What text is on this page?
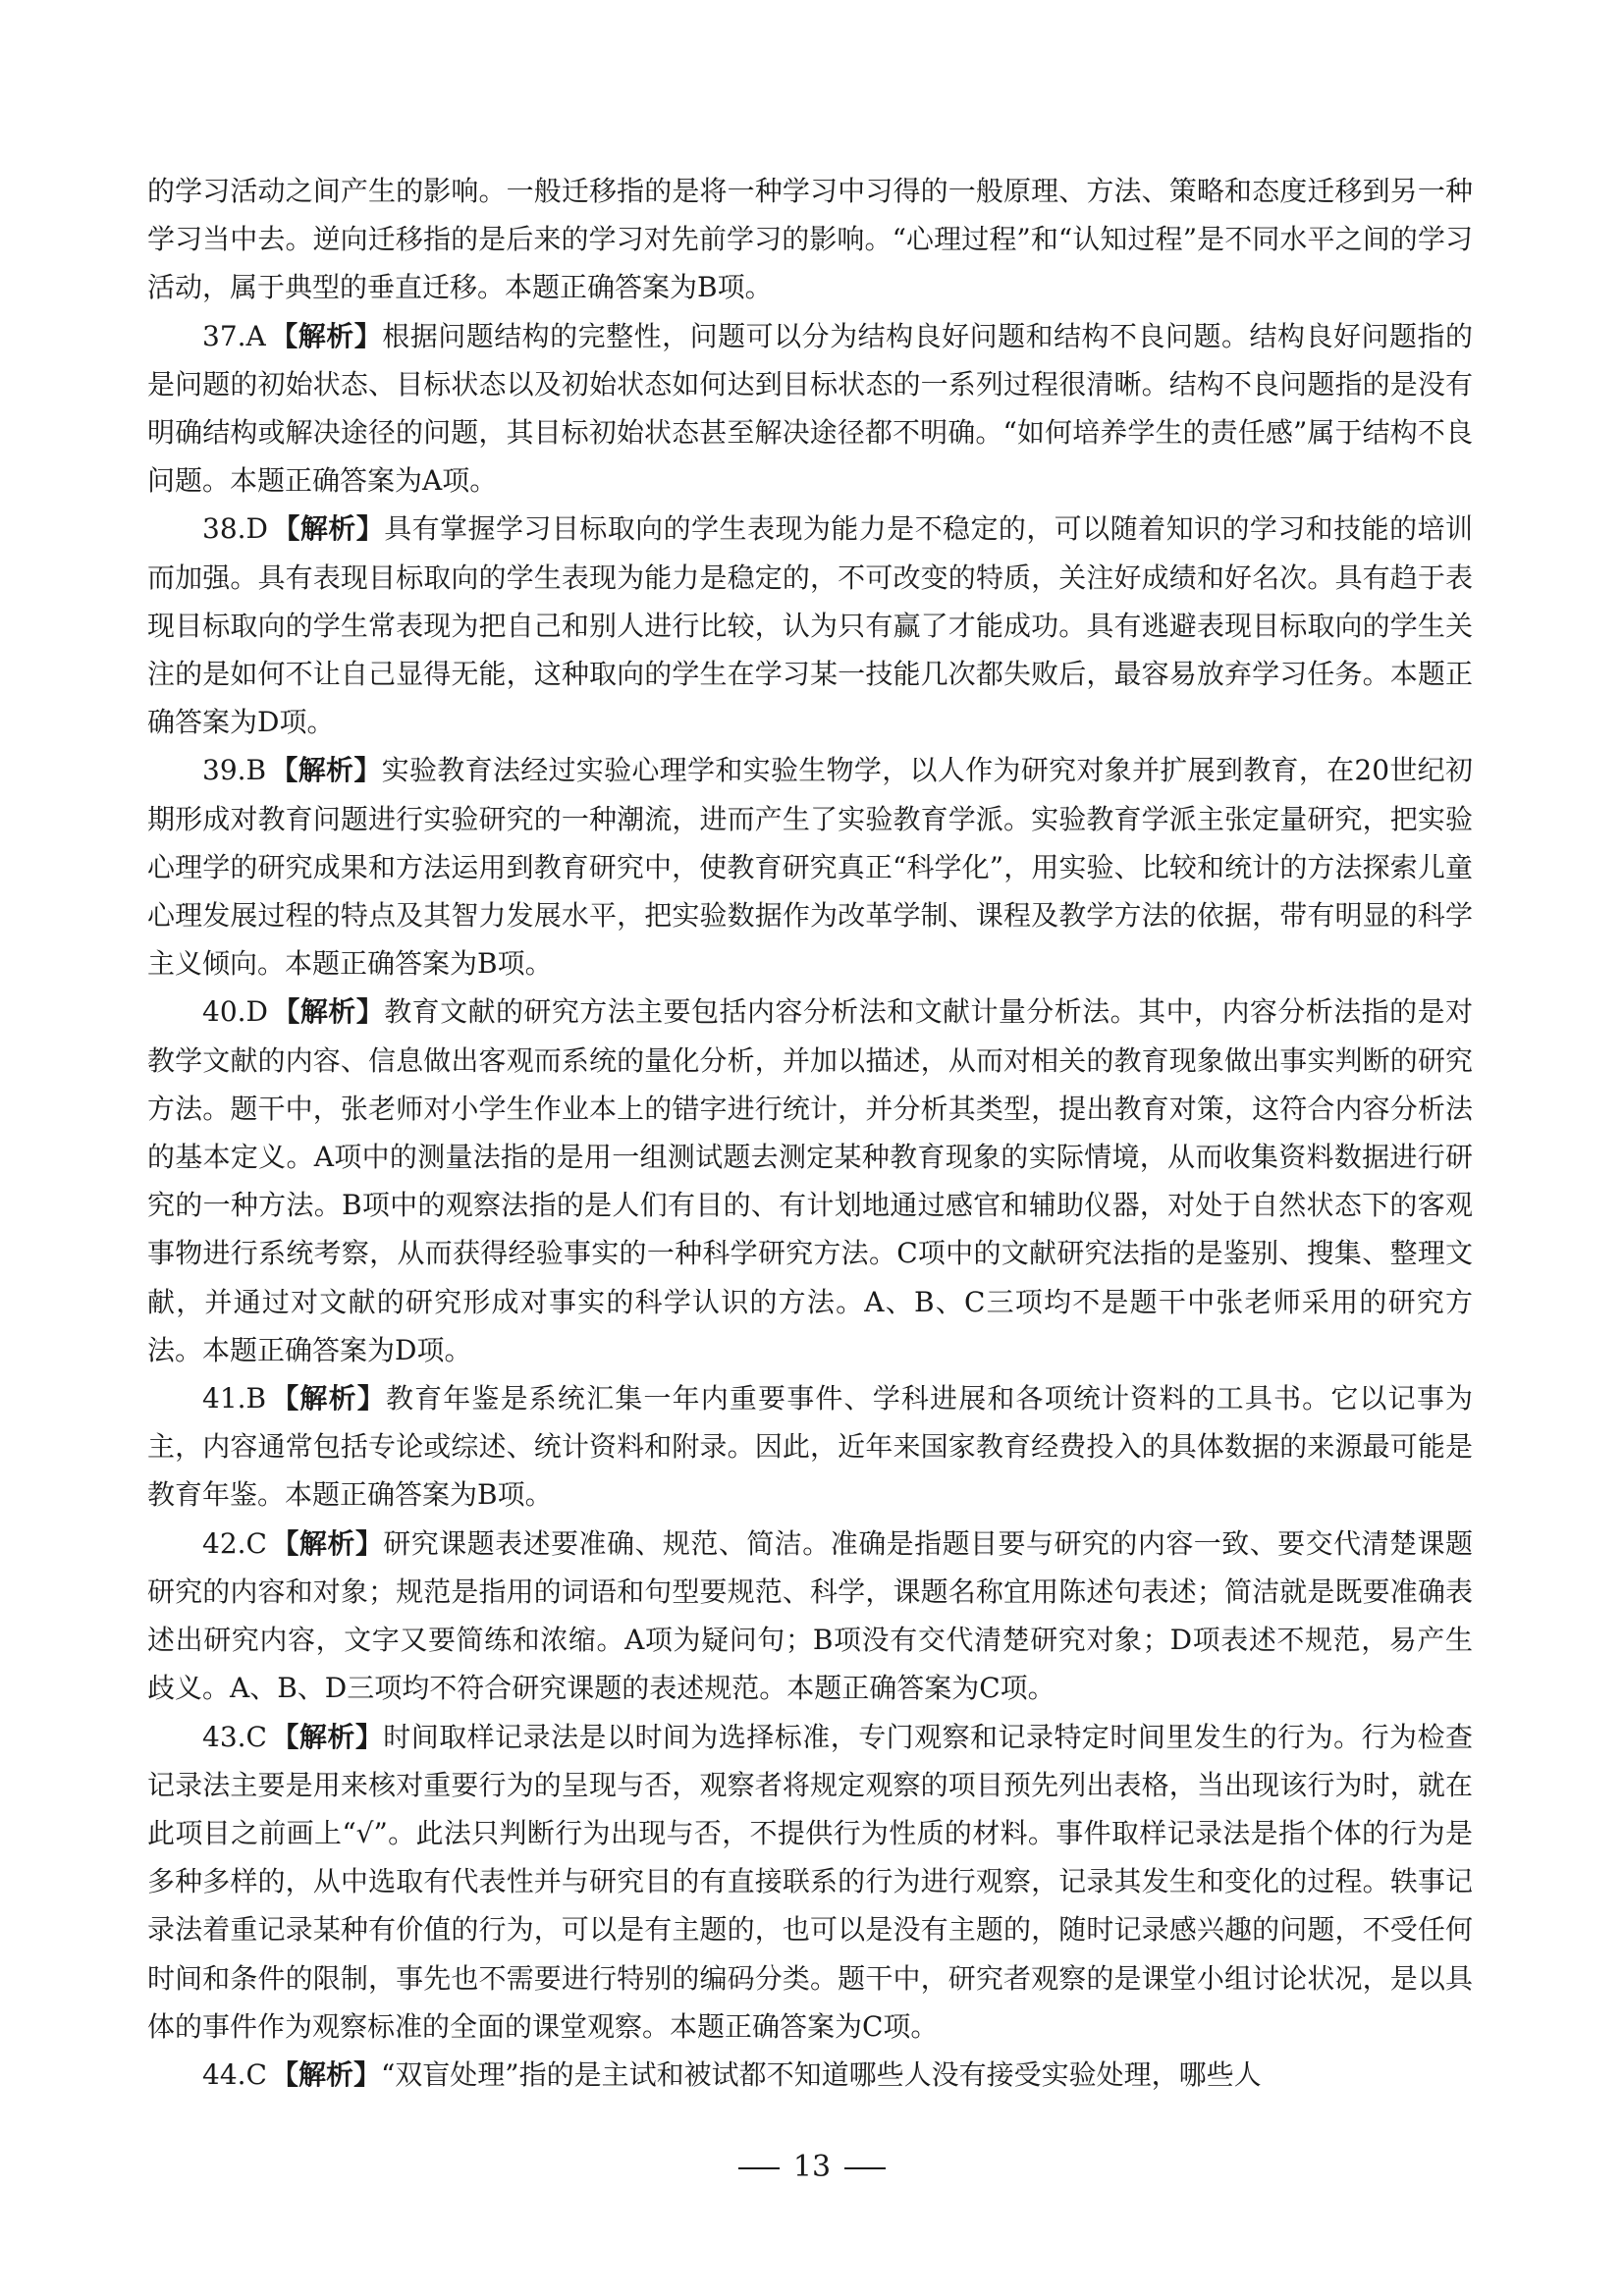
的学习活动之间产生的影响。一般迁移指的是将一种学习中习得的一般原理、方法、策略和态度迁移到另一种学习当中去。逆向迁移指的是后来的学习对先前学习的影响。“心理过程”和“认知过程”是不同水平之间的学习活动，属于典型的垂直迁移。本题正确答案为B项。

37.A 【解析】根据问题结构的完整性，问题可以分为结构良好问题和结构不良问题。结构良好问题指的是问题的初始状态、目标状态以及初始状态如何达到目标状态的一系列过程很清晰。结构不良问题指的是没有明确结构或解决途径的问题，其目标初始状态甚至解决途径都不明确。“如何培养学生的责任感”属于结构不良问题。本题正确答案为A项。

38.D 【解析】具有掌握学习目标取向的学生表现为能力是不稳定的，可以随着知识的学习和技能的培训而加强。具有表现目标取向的学生表现为能力是稳定的，不可改变的特质，关注好成绩和好名次。具有趋于表现目标取向的学生常表现为把自己和别人进行比较，认为只有赢了才能成功。具有逃避表现目标取向的学生关注的是如何不让自己显得无能，这种取向的学生在学习某一技能几次都失败后，最容易放弃学习任务。本题正确答案为D项。

39.B 【解析】实验教育法经过实验心理学和实验生物学，以人作为研究对象并扩展到教育，在20世纪初期形成对教育问题进行实验研究的一种潮流，进而产生了实验教育学派。实验教育学派主张定量研究，把实验心理学的研究成果和方法运用到教育研究中，使教育研究真正“科学化”，用实验、比较和统计的方法探索儿童心理发展过程的特点及其智力发展水平，把实验数据作为改革学制、课程及教学方法的依据，带有明显的科学主义倾向。本题正确答案为B项。

40.D 【解析】教育文献的研究方法主要包括内容分析法和文献计量分析法。其中，内容分析法指的是对教学文献的内容、信息做出客观而系统的量化分析，并加以描述，从而对相关的教育现象做出事实判断的研究方法。题干中，张老师对小学生作业本上的错字进行统计，并分析其类型，提出教育对策，这符合内容分析法的基本定义。A项中的测量法指的是用一组测试题去测定某种教育现象的实际情境，从而收集资料数据进行研究的一种方法。B项中的观察法指的是人们有目的、有计划地通过感官和辅助仪器，对处于自然状态下的客观事物进行系统考察，从而获得经验事实的一种科学研究方法。C项中的文献研究法指的是鉴别、搜集、整理文献，并通过对文献的研究形成对事实的科学认识的方法。A、B、C三项均不是题干中张老师采用的研究方法。本题正确答案为D项。

41.B 【解析】教育年鉴是系统汇集一年内重要事件、学科进展和各项统计资料的工具书。它以记事为主，内容通常包括专论或综述、统计资料和附录。因此，近年来国家教育经费投入的具体数据的来源最可能是教育年鉴。本题正确答案为B项。

42.C 【解析】研究课题表述要准确、规范、简洁。准确是指题目要与研究的内容一致、要交代清楚课题研究的内容和对象；规范是指用的词语和句型要规范、科学，课题名称宜用陈述句表述；简洁就是既要准确表述出研究内容，文字又要简练和浓缩。A项为疑问句；B项没有交代清楚研究对象；D项表述不规范，易产生歧义。A、B、D三项均不符合研究课题的表述规范。本题正确答案为C项。

43.C 【解析】时间取样记录法是以时间为选择标准，专门观察和记录特定时间里发生的行为。行为检查记录法主要是用来核对重要行为的呈现与否，观察者将规定观察的项目预先列出表格，当出现该行为时，就在此项目之前画上“√”。此法只判断行为出现与否，不提供行为性质的材料。事件取样记录法是指个体的行为是多种多样的，从中选取有代表性并与研究目的有直接联系的行为进行观察，记录其发生和变化的过程。轶事记录法着重记录某种有价值的行为，可以是有主题的，也可以是没有主题的，随时记录感兴趣的问题，不受任何时间和条件的限制，事先也不需要进行特别的编码分类。题干中，研究者观察的是课堂小组讨论状况，是以具体的事件作为观察标准的全面的课堂观察。本题正确答案为C项。

44.C 【解析】“双盲处理”指的是主试和被试都不知道哪些人没有接受实验处理，哪些人

13
